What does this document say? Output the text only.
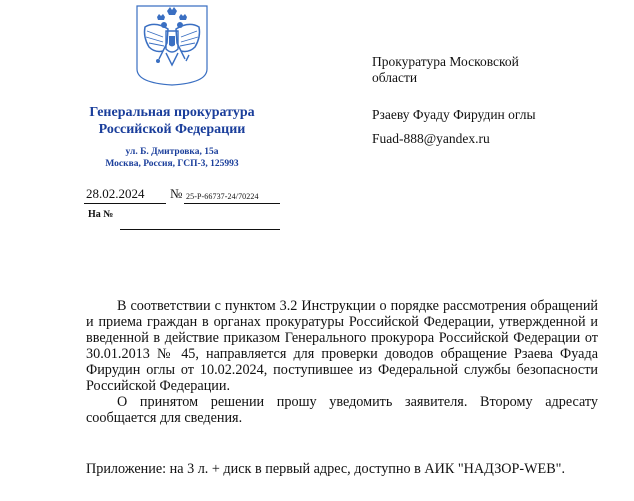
Генеральная прокуратура
Российской Федерации
ул. Б. Дмитровка, 15а
Москва, Россия, ГСП-3, 125993
28.02.2024 № 25-Р-66737-24/70224
На №
Прокуратура Московской
области
Рзаеву Фуаду Фирудин оглы
Fuad-888@yandex.ru

В соответствии с пунктом 3.2 Инструкции о порядке рассмотрения обращений и приема граждан в органах прокуратуры Российской Федерации, утвержденной и введенной в действие приказом Генерального прокурора Российской Федерации от 30.01.2013 № 45, направляется для проверки доводов обращение Рзаева Фуада Фирудин оглы от 10.02.2024, поступившее из Федеральной службы безопасности Российской Федерации.

О принятом решении прошу уведомить заявителя. Второму адресату сообщается для сведения.

Приложение: на 3 л. + диск в первый адрес, доступно в АИК "НАДЗОР-WEB".
